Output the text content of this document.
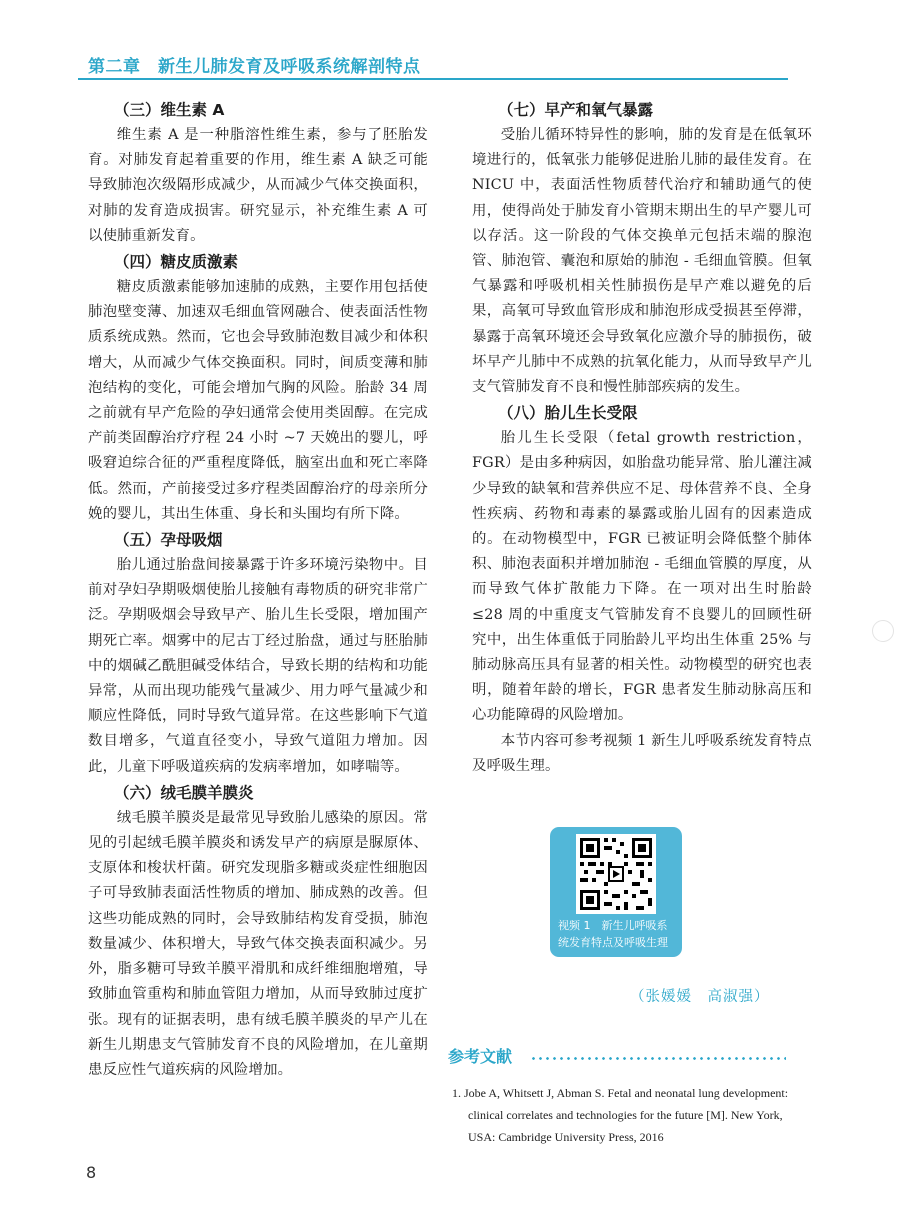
第二章　新生儿肺发育及呼吸系统解剖特点
（三）维生素 A

维生素 A 是一种脂溶性维生素，参与了胚胎发育。对肺发育起着重要的作用，维生素 A 缺乏可能导致肺泡次级隔形成减少，从而减少气体交换面积，对肺的发育造成损害。研究显示，补充维生素 A 可以使肺重新发育。

（四）糖皮质激素

糖皮质激素能够加速肺的成熟，主要作用包括使肺泡壁变薄、加速双毛细血管网融合、使表面活性物质系统成熟。然而，它也会导致肺泡数目减少和体积增大，从而减少气体交换面积。同时，间质变薄和肺泡结构的变化，可能会增加气胸的风险。胎龄 34 周之前就有早产危险的孕妇通常会使用类固醇。在完成产前类固醇治疗疗程 24 小时 ~7 天娩出的婴儿，呼吸窘迫综合征的严重程度降低，脑室出血和死亡率降低。然而，产前接受过多疗程类固醇治疗的母亲所分娩的婴儿，其出生体重、身长和头围均有所下降。

（五）孕母吸烟

胎儿通过胎盘间接暴露于许多环境污染物中。目前对孕妇孕期吸烟使胎儿接触有毒物质的研究非常广泛。孕期吸烟会导致早产、胎儿生长受限，增加围产期死亡率。烟雾中的尼古丁经过胎盘，通过与胚胎肺中的烟碱乙酰胆碱受体结合，导致长期的结构和功能异常，从而出现功能残气量减少、用力呼气量减少和顺应性降低，同时导致气道异常。在这些影响下气道数目增多，气道直径变小，导致气道阻力增加。因此，儿童下呼吸道疾病的发病率增加，如哮喘等。

（六）绒毛膜羊膜炎

绒毛膜羊膜炎是最常见导致胎儿感染的原因。常见的引起绒毛膜羊膜炎和诱发早产的病原是脲原体、支原体和梭状杆菌。研究发现脂多糖或炎症性细胞因子可导致肺表面活性物质的增加、肺成熟的改善。但这些功能成熟的同时，会导致肺结构发育受损，肺泡数量减少、体积增大，导致气体交换表面积减少。另外，脂多糖可导致羊膜平滑肌和成纤维细胞增殖，导致肺血管重构和肺血管阻力增加，从而导致肺过度扩张。现有的证据表明，患有绒毛膜羊膜炎的早产儿在新生儿期患支气管肺发育不良的风险增加，在儿童期患反应性气道疾病的风险增加。

（七）早产和氧气暴露

受胎儿循环特异性的影响，肺的发育是在低氧环境进行的，低氧张力能够促进胎儿肺的最佳发育。在 NICU 中，表面活性物质替代治疗和辅助通气的使用，使得尚处于肺发育小管期末期出生的早产婴儿可以存活。这一阶段的气体交换单元包括末端的腺泡管、肺泡管、囊泡和原始的肺泡 - 毛细血管膜。但氧气暴露和呼吸机相关性肺损伤是早产难以避免的后果，高氧可导致血管形成和肺泡形成受损甚至停滞，暴露于高氧环境还会导致氧化应激介导的肺损伤，破坏早产儿肺中不成熟的抗氧化能力，从而导致早产儿支气管肺发育不良和慢性肺部疾病的发生。

（八）胎儿生长受限

胎儿生长受限（fetal growth restriction，FGR）是由多种病因，如胎盘功能异常、胎儿灌注减少导致的缺氧和营养供应不足、母体营养不良、全身性疾病、药物和毒素的暴露或胎儿固有的因素造成的。在动物模型中，FGR 已被证明会降低整个肺体积、肺泡表面积并增加肺泡 - 毛细血管膜的厚度，从而导致气体扩散能力下降。在一项对出生时胎龄 ≤28 周的中重度支气管肺发育不良婴儿的回顾性研究中，出生体重低于同胎龄儿平均出生体重 25% 与肺动脉高压具有显著的相关性。动物模型的研究也表明，随着年龄的增长，FGR 患者发生肺动脉高压和心功能障碍的风险增加。

本节内容可参考视频 1 新生儿呼吸系统发育特点及呼吸生理。

视频 1　新生儿呼吸系
统发育特点及呼吸生理
（张媛媛　高淑强）
参考文献
1. Jobe A, Whitsett J, Abman S. Fetal and neonatal lung development: clinical correlates and technologies for the future [M]. New York, USA: Cambridge University Press, 2016
8
